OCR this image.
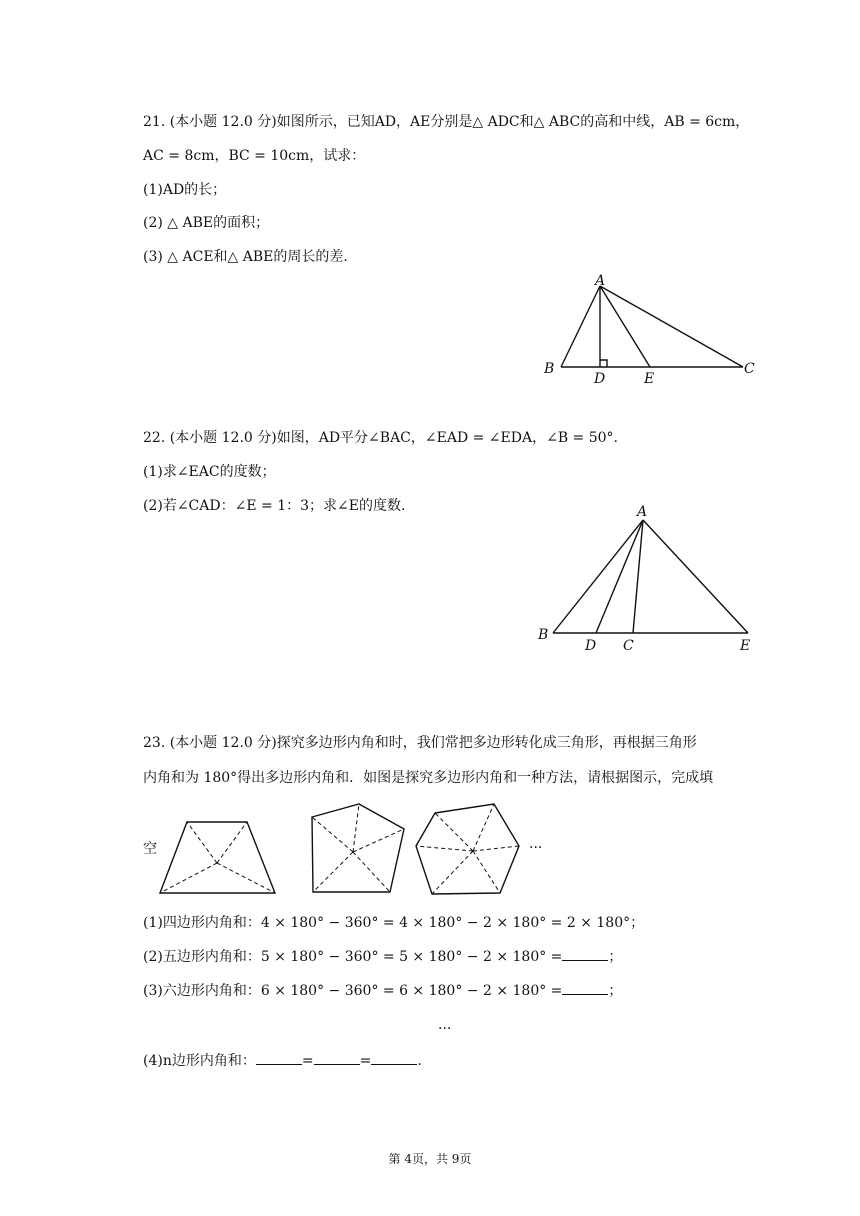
21. (本小题 12.0 分)如图所示，已知AD，AE分别是△ ADC和△ ABC的高和中线，AB = 6cm，
AC = 8cm，BC = 10cm，试求：
(1)AD的长；
(2) △ ABE的面积；
(3) △ ACE和△ ABE的周长的差.
A
B
D	E
C
22. (本小题 12.0 分)如图，AD平分∠BAC，∠EAD = ∠EDA，∠B = 50°.
(1)求∠EAC的度数；
(2)若∠CAD：∠E = 1：3；求∠E的度数.	A
B
D C	E
23. (本小题 12.0 分)探究多边形内角和时，我们常把多边形转化成三角形，再根据三角形
内角和为 180°得出多边形内角和．如图是探究多边形内角和一种方法，请根据图示，完成填
空	···
(1)四边形内角和：4 × 180° − 360° = 4 × 180° − 2 × 180° = 2 × 180°；
(2)五边形内角和：5 × 180° − 360° = 5 × 180° − 2 × 180° =	；
(3)六边形内角和：6 × 180° − 360° = 6 × 180° − 2 × 180° =	；
...
(4)n边形内角和：	=	=	.
第 4页，共 9页
